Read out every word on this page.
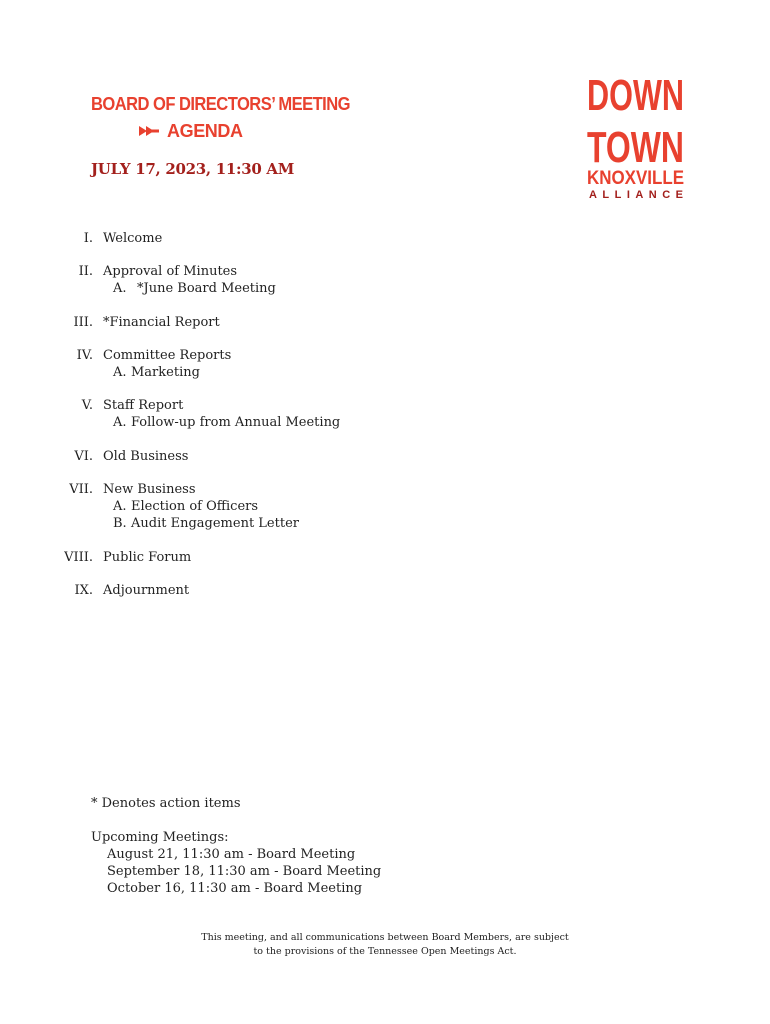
BOARD OF DIRECTORS’ MEETING
AGENDA
JULY 17, 2023, 11:30 AM
DOWN
TOWN
KNOXVILLE
ALLIANCE
I. Welcome
II. Approval of Minutes
A. *June Board Meeting
III. *Financial Report
IV. Committee Reports
A. Marketing
V. Staff Report
A. Follow-up from Annual Meeting
VI. Old Business
VII. New Business
A. Election of Officers
B. Audit Engagement Letter
VIII. Public Forum
IX. Adjournment
* Denotes action items
Upcoming Meetings:
August 21, 11:30 am - Board Meeting
September 18, 11:30 am - Board Meeting
October 16, 11:30 am - Board Meeting
This meeting, and all communications between Board Members, are subject
to the provisions of the Tennessee Open Meetings Act.
